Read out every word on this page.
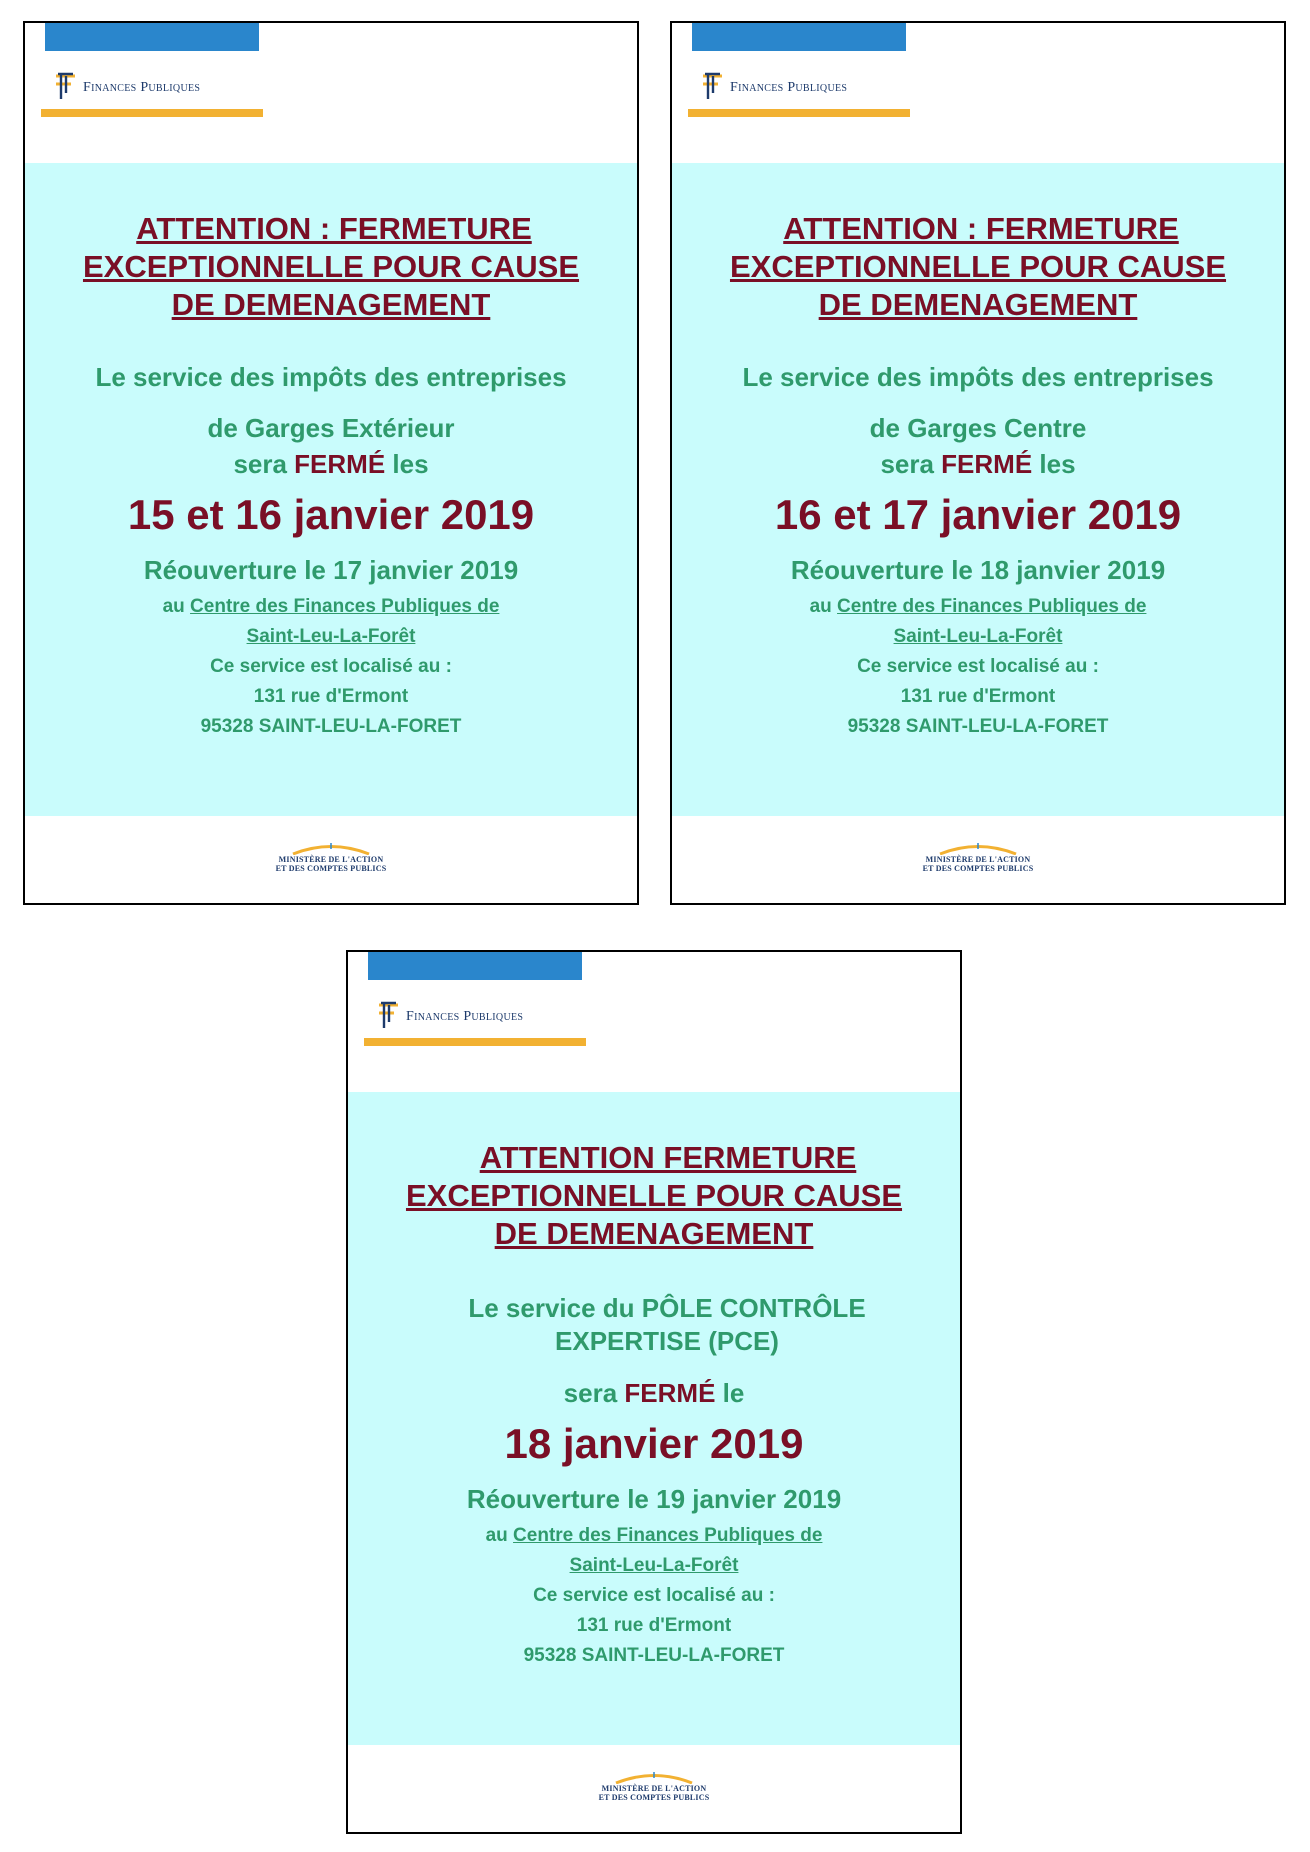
Finances Publiques
ATTENTION : FERMETURE
EXCEPTIONNELLE POUR CAUSE
DE DEMENAGEMENT
Le service des impôts des entreprises
de Garges Extérieur
sera FERMÉ les
15 et 16 janvier 2019
Réouverture le 17 janvier 2019
au Centre des Finances Publiques de
Saint-Leu-La-Forêt
Ce service est localisé au :
131 rue d'Ermont
95328 SAINT-LEU-LA-FORET
MINISTÈRE DE L'ACTION
ET DES COMPTES PUBLICS
Finances Publiques
ATTENTION : FERMETURE
EXCEPTIONNELLE POUR CAUSE
DE DEMENAGEMENT
Le service des impôts des entreprises
de Garges Centre
sera FERMÉ les
16 et 17 janvier 2019
Réouverture le 18 janvier 2019
au Centre des Finances Publiques de
Saint-Leu-La-Forêt
Ce service est localisé au :
131 rue d'Ermont
95328 SAINT-LEU-LA-FORET
MINISTÈRE DE L'ACTION
ET DES COMPTES PUBLICS
Finances Publiques
ATTENTION FERMETURE
EXCEPTIONNELLE POUR CAUSE
DE DEMENAGEMENT
Le service du PÔLE CONTRÔLE
EXPERTISE (PCE)
sera FERMÉ le
18 janvier 2019
Réouverture le 19 janvier 2019
au Centre des Finances Publiques de
Saint-Leu-La-Forêt
Ce service est localisé au :
131 rue d'Ermont
95328 SAINT-LEU-LA-FORET
MINISTÈRE DE L'ACTION
ET DES COMPTES PUBLICS
